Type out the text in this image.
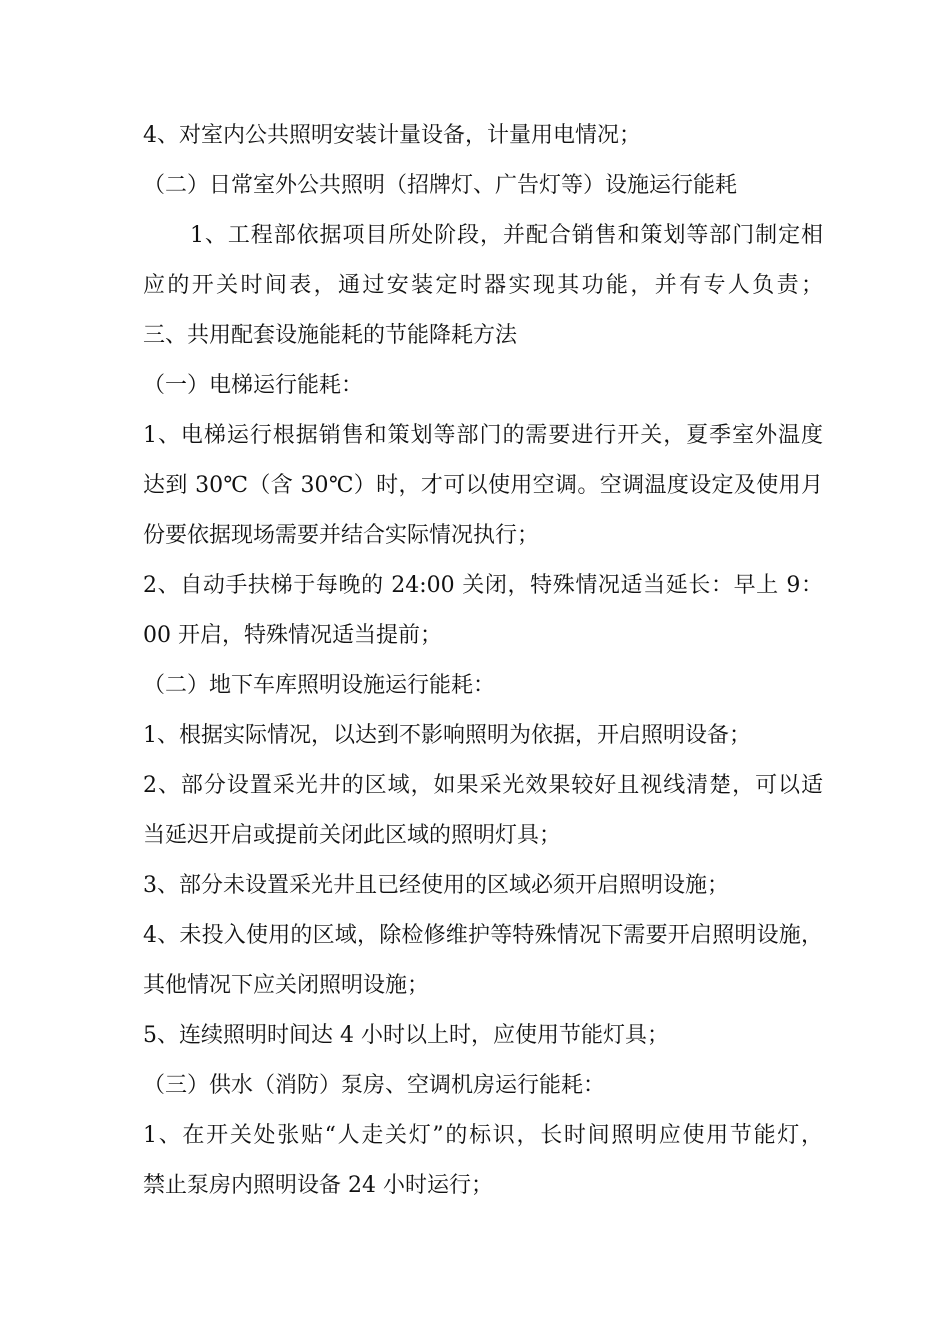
4、对室内公共照明安装计量设备，计量用电情况；
（二）日常室外公共照明（招牌灯、广告灯等）设施运行能耗
1、工程部依据项目所处阶段，并配合销售和策划等部门制定相
应的开关时间表，通过安装定时器实现其功能，并有专人负责；
三、共用配套设施能耗的节能降耗方法
（一）电梯运行能耗：
1、电梯运行根据销售和策划等部门的需要进行开关，夏季室外温度
达到 30℃（含 30℃）时，才可以使用空调。空调温度设定及使用月
份要依据现场需要并结合实际情况执行；
2、自动手扶梯于每晚的 24:00 关闭，特殊情况适当延长：早上 9：
00 开启，特殊情况适当提前；
（二）地下车库照明设施运行能耗：
1、根据实际情况，以达到不影响照明为依据，开启照明设备；
2、部分设置采光井的区域，如果采光效果较好且视线清楚，可以适
当延迟开启或提前关闭此区域的照明灯具；
3、部分未设置采光井且已经使用的区域必须开启照明设施；
4、未投入使用的区域，除检修维护等特殊情况下需要开启照明设施，
其他情况下应关闭照明设施；
5、连续照明时间达 4 小时以上时，应使用节能灯具；
（三）供水（消防）泵房、空调机房运行能耗：
1、在开关处张贴“人走关灯”的标识，长时间照明应使用节能灯，
禁止泵房内照明设备 24 小时运行；
